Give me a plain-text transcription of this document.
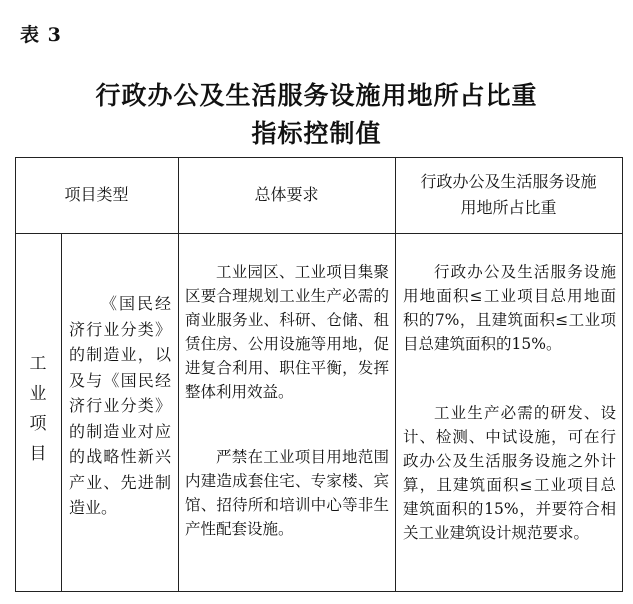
表 3
行政办公及生活服务设施用地所占比重
指标控制值
项目类型	总体要求
行政办公及生活服务设施
用地所占比重
工
业
项
目

《国民经济行业分类》的制造业，以及与《国民经济行业分类》的制造业对应的战略性新兴产业、先进制造业。

工业园区、工业项目集聚区要合理规划工业生产必需的商业服务业、科研、仓储、租赁住房、公用设施等用地，促进复合利用、职住平衡，发挥整体利用效益。

严禁在工业项目用地范围内建造成套住宅、专家楼、宾馆、招待所和培训中心等非生产性配套设施。

行政办公及生活服务设施用地面积≤工业项目总用地面积的7%，且建筑面积≤工业项目总建筑面积的15%。

工业生产必需的研发、设计、检测、中试设施，可在行政办公及生活服务设施之外计算，且建筑面积≤工业项目总建筑面积的15%，并要符合相关工业建筑设计规范要求。
